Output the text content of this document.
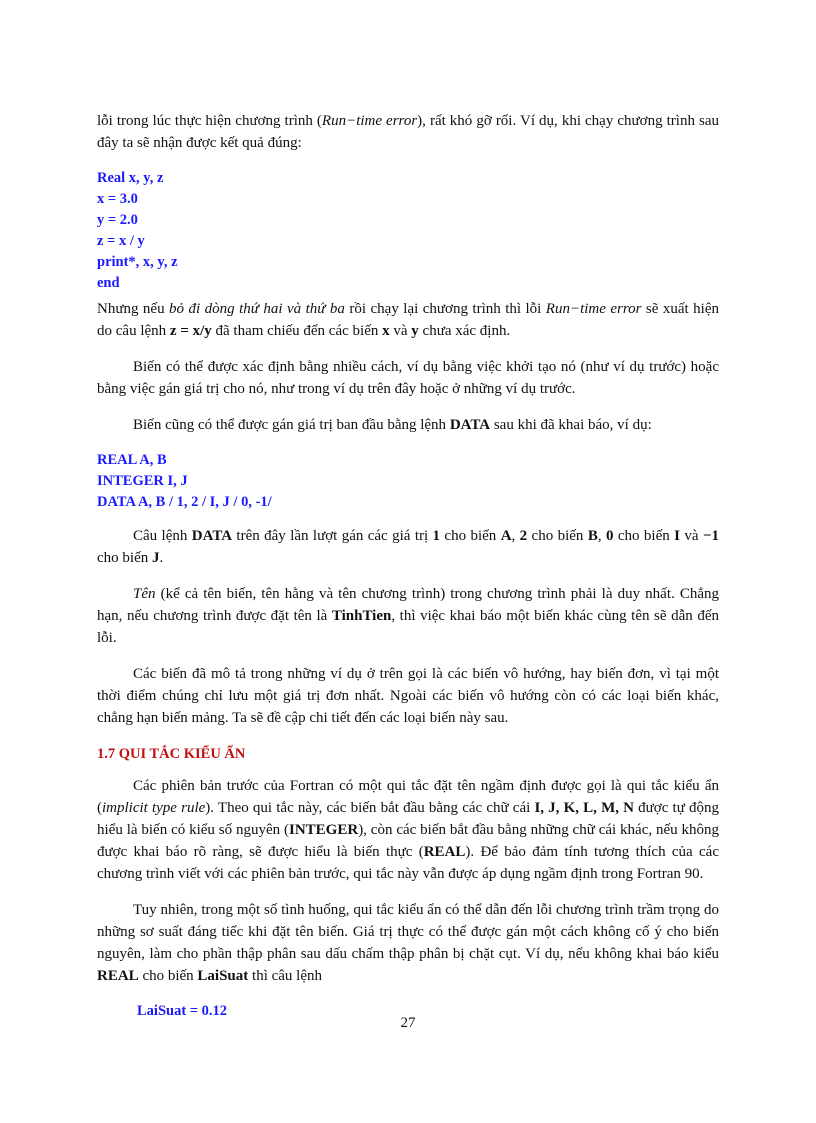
lỗi trong lúc thực hiện chương trình (Run−time error), rất khó gỡ rối. Ví dụ, khi chạy chương trình sau đây ta sẽ nhận được kết quả đúng:

Real x, y, z
x = 3.0
y = 2.0
z = x / y
print*, x, y, z
end

Nhưng nếu bỏ đi dòng thứ hai và thứ ba rồi chạy lại chương trình thì lỗi Run−time error sẽ xuất hiện do câu lệnh z = x/y đã tham chiếu đến các biến x và y chưa xác định.

Biến có thể được xác định bằng nhiều cách, ví dụ bằng việc khởi tạo nó (như ví dụ trước) hoặc bằng việc gán giá trị cho nó, như trong ví dụ trên đây hoặc ở những ví dụ trước.

Biến cũng có thể được gán giá trị ban đầu bằng lệnh DATA sau khi đã khai báo, ví dụ:

REAL A, B
INTEGER I, J
DATA A, B / 1, 2 / I, J / 0, -1/

Câu lệnh DATA trên đây lần lượt gán các giá trị 1 cho biến A, 2 cho biến B, 0 cho biến I và −1 cho biến J.

Tên (kể cả tên biến, tên hằng và tên chương trình) trong chương trình phải là duy nhất. Chẳng hạn, nếu chương trình được đặt tên là TinhTien, thì việc khai báo một biến khác cùng tên sẽ dẫn đến lỗi.

Các biến đã mô tả trong những ví dụ ở trên gọi là các biến vô hướng, hay biến đơn, vì tại một thời điểm chúng chỉ lưu một giá trị đơn nhất. Ngoài các biến vô hướng còn có các loại biến khác, chẳng hạn biến mảng. Ta sẽ đề cập chi tiết đến các loại biến này sau.

1.7 QUI TẮC KIỂU ẨN

Các phiên bản trước của Fortran có một qui tắc đặt tên ngầm định được gọi là qui tắc kiểu ẩn (implicit type rule). Theo qui tắc này, các biến bắt đầu bằng các chữ cái I, J, K, L, M, N được tự động hiểu là biến có kiểu số nguyên (INTEGER), còn các biến bắt đầu bằng những chữ cái khác, nếu không được khai báo rõ ràng, sẽ được hiểu là biến thực (REAL). Để bảo đảm tính tương thích của các chương trình viết với các phiên bản trước, qui tắc này vẫn được áp dụng ngầm định trong Fortran 90.

Tuy nhiên, trong một số tình huống, qui tắc kiểu ẩn có thể dẫn đến lỗi chương trình trầm trọng do những sơ suất đáng tiếc khi đặt tên biến. Giá trị thực có thể được gán một cách không cố ý cho biến nguyên, làm cho phần thập phân sau dấu chấm thập phân bị chặt cụt. Ví dụ, nếu không khai báo kiểu REAL cho biến LaiSuat thì câu lệnh

LaiSuat = 0.12
27
